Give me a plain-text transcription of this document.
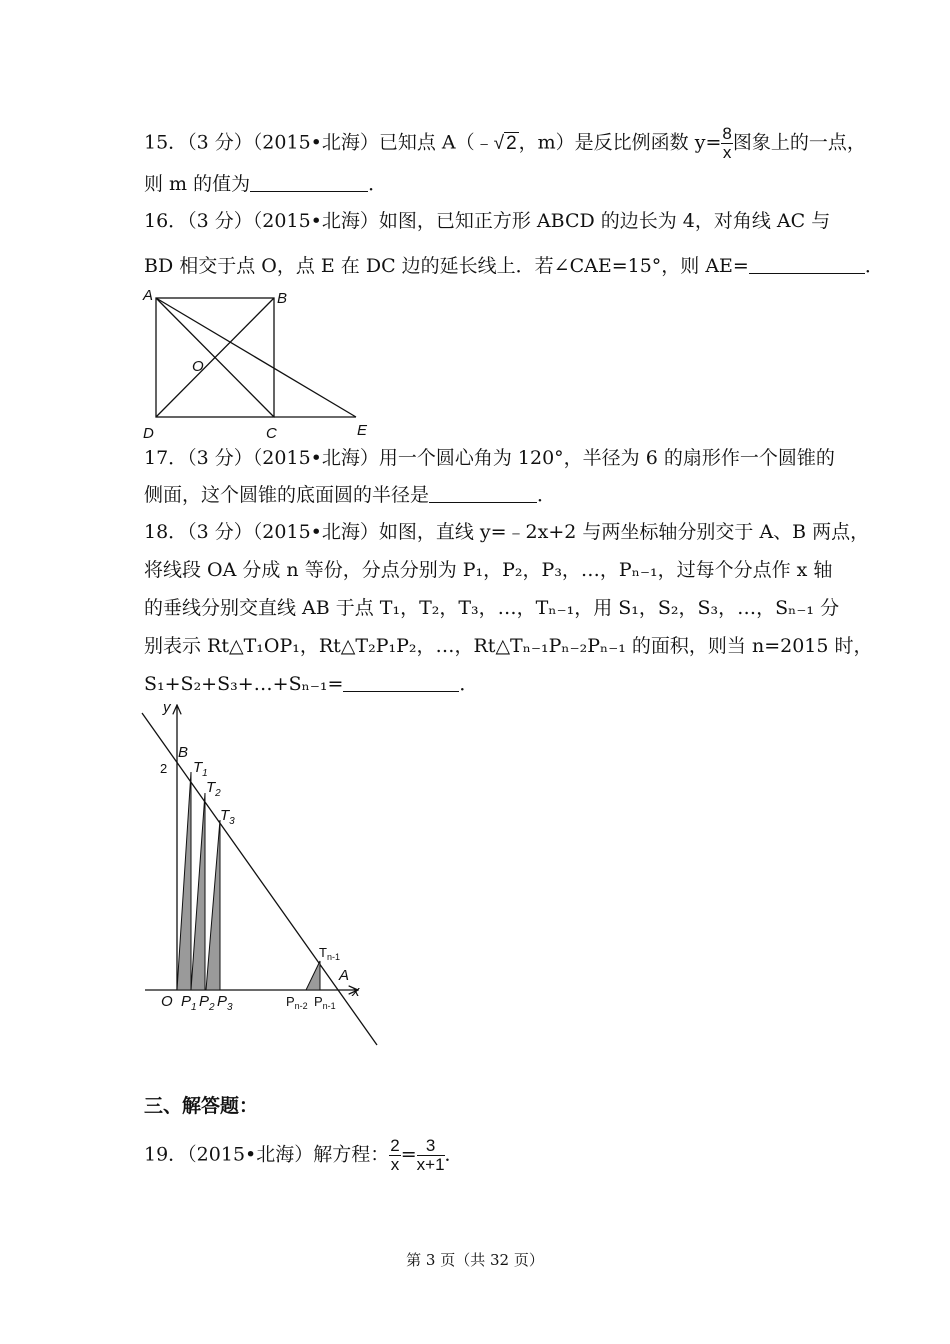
15．（3 分）（2015•北海）已知点 A（﹣√ 2 ，m）是反比例函数 $y= \frac{8}{x}$ 图象上的一点，
则 m 的值为	．
16．（3 分）（2015•北海）如图，已知正方形 ABCD 的边长为 4，对角线 AC 与
BD 相交于点 O，点 E 在 DC 边的延长线上．若∠CAE=15°，则 AE=	．
A	B
D	C
O
E
17．（3 分）（2015•北海）用一个圆心角为 120°，半径为 6 的扇形作一个圆锥的
侧面，这个圆锥的底面圆的半径是	．
18．（3 分）（2015•北海）如图，直线 y=﹣2x+2 与两坐标轴分别交于 A、B 两点，
将线段 OA 分成 n 等份，分点分别为 P₁，P₂，P₃，…，Pₙ₋₁，过每个分点作 x 轴
的垂线分别交直线 AB 于点 T₁，T₂，T₃，…，Tₙ₋₁，用 S₁，S₂，S₃，…，Sₙ₋₁ 分
别表示 Rt△T₁OP₁，Rt△T₂P₁P₂，…，Rt△Tₙ₋₁Pₙ₋₂Pₙ₋₁ 的面积，则当 n=2015 时，
S₁+S₂+S₃+…+Sₙ₋₁=	．
y
x
O
B
2
A
$T_1$
$T_2$
$T_3$
$T_{n-1}$
$P_1$ $P_2$ $P_3$	$P_{n-2}$ $P_{n-1}$
三、解答题：
19．（2015•北海）解方程： $\frac{2}{x} = \frac{3}{x+1}$ ．
第 3 页（共 32 页）
